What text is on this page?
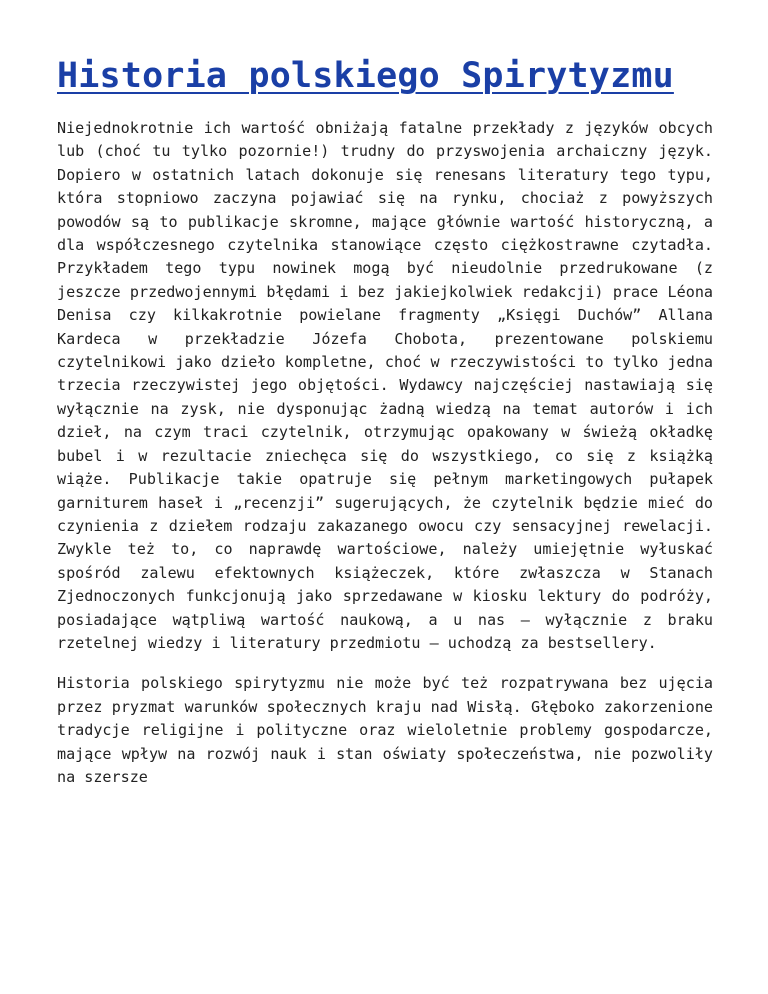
Historia polskiego Spirytyzmu

Niejednokrotnie ich wartość obniżają fatalne przekłady z języków obcych lub (choć tu tylko pozornie!) trudny do przyswojenia archaiczny język. Dopiero w ostatnich latach dokonuje się renesans literatury tego typu, która stopniowo zaczyna pojawiać się na rynku, chociaż z powyższych powodów są to publikacje skromne, mające głównie wartość historyczną, a dla współczesnego czytelnika stanowiące często ciężkostrawne czytadła. Przykładem tego typu nowinek mogą być nieudolnie przedrukowane (z jeszcze przedwojennymi błędami i bez jakiejkolwiek redakcji) prace Léona Denisa czy kilkakrotnie powielane fragmenty „Księgi Duchów” Allana Kardeca w przekładzie Józefa Chobota, prezentowane polskiemu czytelnikowi jako dzieło kompletne, choć w rzeczywistości to tylko jedna trzecia rzeczywistej jego objętości. Wydawcy najczęściej nastawiają się wyłącznie na zysk, nie dysponując żadną wiedzą na temat autorów i ich dzieł, na czym traci czytelnik, otrzymując opakowany w świeżą okładkę bubel i w rezultacie zniechęca się do wszystkiego, co się z książką wiąże. Publikacje takie opatruje się pełnym marketingowych pułapek garniturem haseł i „recenzji” sugerujących, że czytelnik będzie mieć do czynienia z dziełem rodzaju zakazanego owocu czy sensacyjnej rewelacji. Zwykle też to, co naprawdę wartościowe, należy umiejętnie wyłuskać spośród zalewu efektownych książeczek, które zwłaszcza w Stanach Zjednoczonych funkcjonują jako sprzedawane w kiosku lektury do podróży, posiadające wątpliwą wartość naukową, a u nas – wyłącznie z braku rzetelnej wiedzy i literatury przedmiotu – uchodzą za bestsellery.

Historia polskiego spirytyzmu nie może być też rozpatrywana bez ujęcia przez pryzmat warunków społecznych kraju nad Wisłą. Głęboko zakorzenione tradycje religijne i polityczne oraz wieloletnie problemy gospodarcze, mające wpływ na rozwój nauk i stan oświaty społeczeństwa, nie pozwoliły na szersze
